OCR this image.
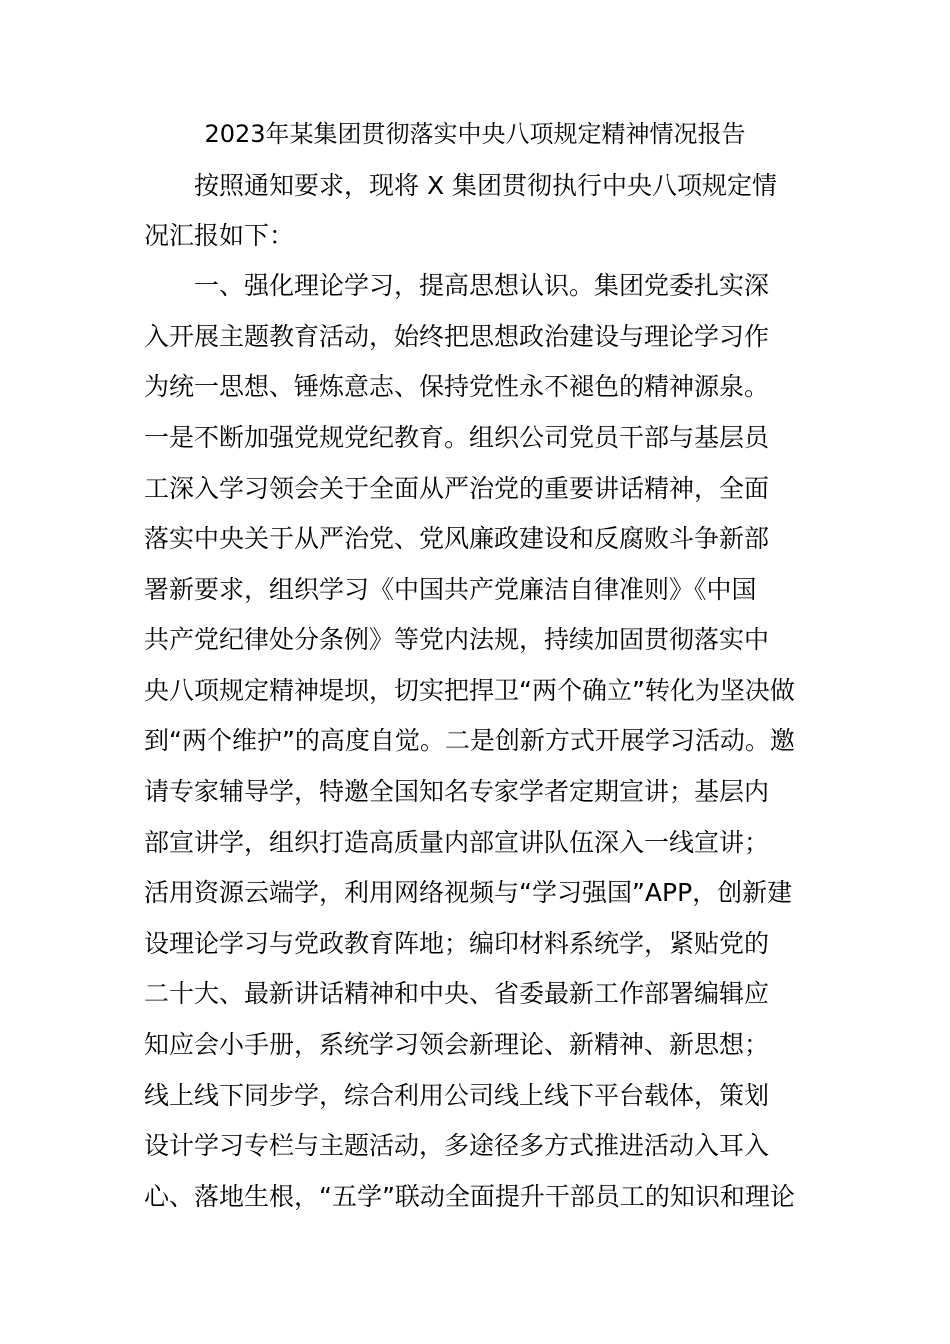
2023年某集团贯彻落实中央八项规定精神情况报告
按照通知要求，现将 X 集团贯彻执行中央八项规定情
况汇报如下：
一、强化理论学习，提高思想认识。集团党委扎实深
入开展主题教育活动，始终把思想政治建设与理论学习作
为统一思想、锤炼意志、保持党性永不褪色的精神源泉。
一是不断加强党规党纪教育。组织公司党员干部与基层员
工深入学习领会关于全面从严治党的重要讲话精神，全面
落实中央关于从严治党、党风廉政建设和反腐败斗争新部
署新要求，组织学习《中国共产党廉洁自律准则》《中国
共产党纪律处分条例》等党内法规，持续加固贯彻落实中
央八项规定精神堤坝，切实把捍卫“两个确立”转化为坚决做
到“两个维护”的高度自觉。二是创新方式开展学习活动。邀
请专家辅导学，特邀全国知名专家学者定期宣讲；基层内
部宣讲学，组织打造高质量内部宣讲队伍深入一线宣讲；
活用资源云端学，利用网络视频与“学习强国”APP，创新建
设理论学习与党政教育阵地；编印材料系统学，紧贴党的
二十大、最新讲话精神和中央、省委最新工作部署编辑应
知应会小手册，系统学习领会新理论、新精神、新思想；
线上线下同步学，综合利用公司线上线下平台载体，策划
设计学习专栏与主题活动，多途径多方式推进活动入耳入
心、落地生根，“五学”联动全面提升干部员工的知识和理论
